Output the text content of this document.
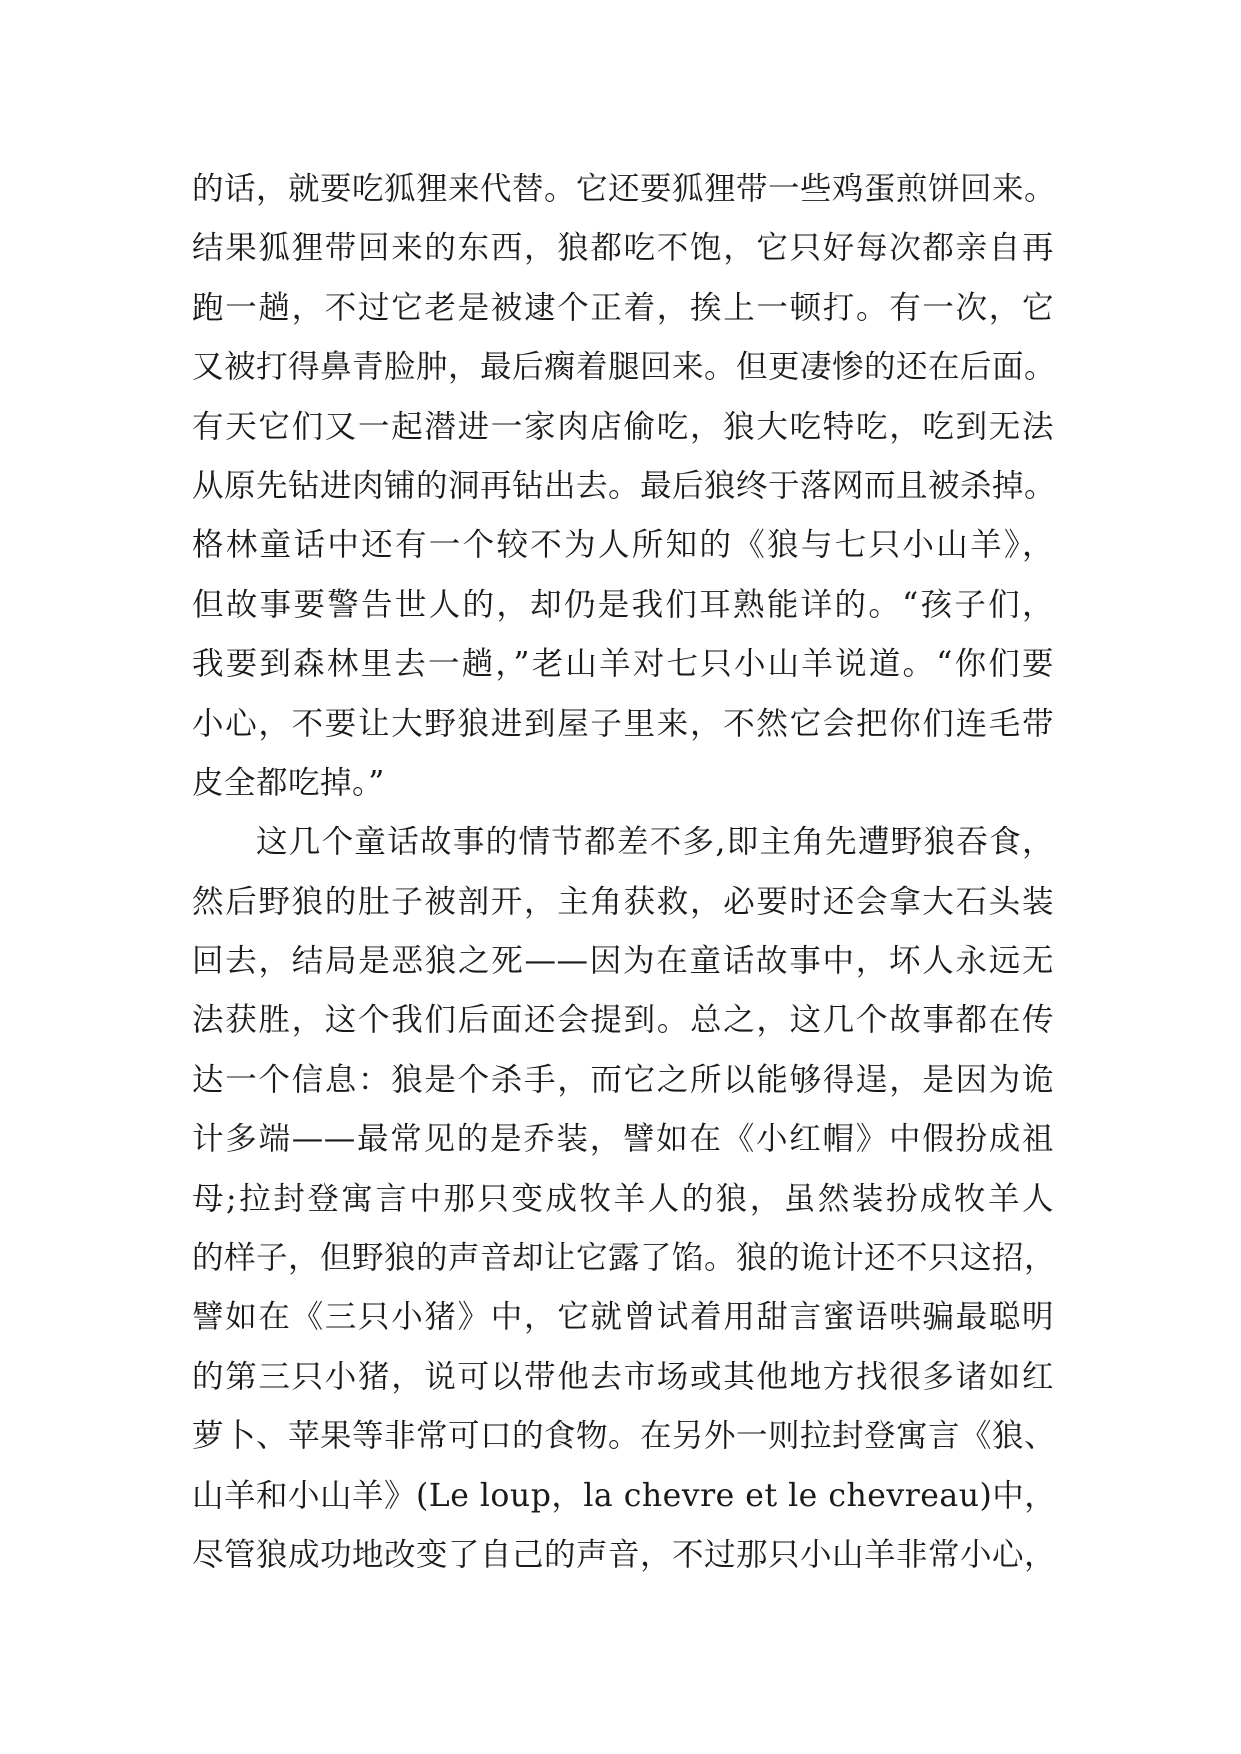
的话，就要吃狐狸来代替。它还要狐狸带一些鸡蛋煎饼回来。
结果狐狸带回来的东西，狼都吃不饱，它只好每次都亲自再
跑一趟，不过它老是被逮个正着，挨上一顿打。有一次，它
又被打得鼻青脸肿，最后瘸着腿回来。但更凄惨的还在后面。
有天它们又一起潜进一家肉店偷吃，狼大吃特吃，吃到无法
从原先钻进肉铺的洞再钻出去。最后狼终于落网而且被杀掉。
格林童话中还有一个较不为人所知的《狼与七只小山羊》，
但故事要警告世人的，却仍是我们耳熟能详的。“孩子们，
我要到森林里去一趟，”老山羊对七只小山羊说道。“你们要
小心，不要让大野狼进到屋子里来，不然它会把你们连毛带
皮全都吃掉。”
这几个童话故事的情节都差不多,即主角先遭野狼吞食，
然后野狼的肚子被剖开，主角获救，必要时还会拿大石头装
回去，结局是恶狼之死——因为在童话故事中，坏人永远无
法获胜，这个我们后面还会提到。总之，这几个故事都在传
达一个信息：狼是个杀手，而它之所以能够得逞，是因为诡
计多端——最常见的是乔装，譬如在《小红帽》中假扮成祖
母;拉封登寓言中那只变成牧羊人的狼，虽然装扮成牧羊人
的样子，但野狼的声音却让它露了馅。狼的诡计还不只这招，
譬如在《三只小猪》中，它就曾试着用甜言蜜语哄骗最聪明
的第三只小猪，说可以带他去市场或其他地方找很多诸如红
萝卜、苹果等非常可口的食物。在另外一则拉封登寓言《狼、
山羊和小山羊》(Le loup，la chevre et le chevreau)中，
尽管狼成功地改变了自己的声音，不过那只小山羊非常小心，
